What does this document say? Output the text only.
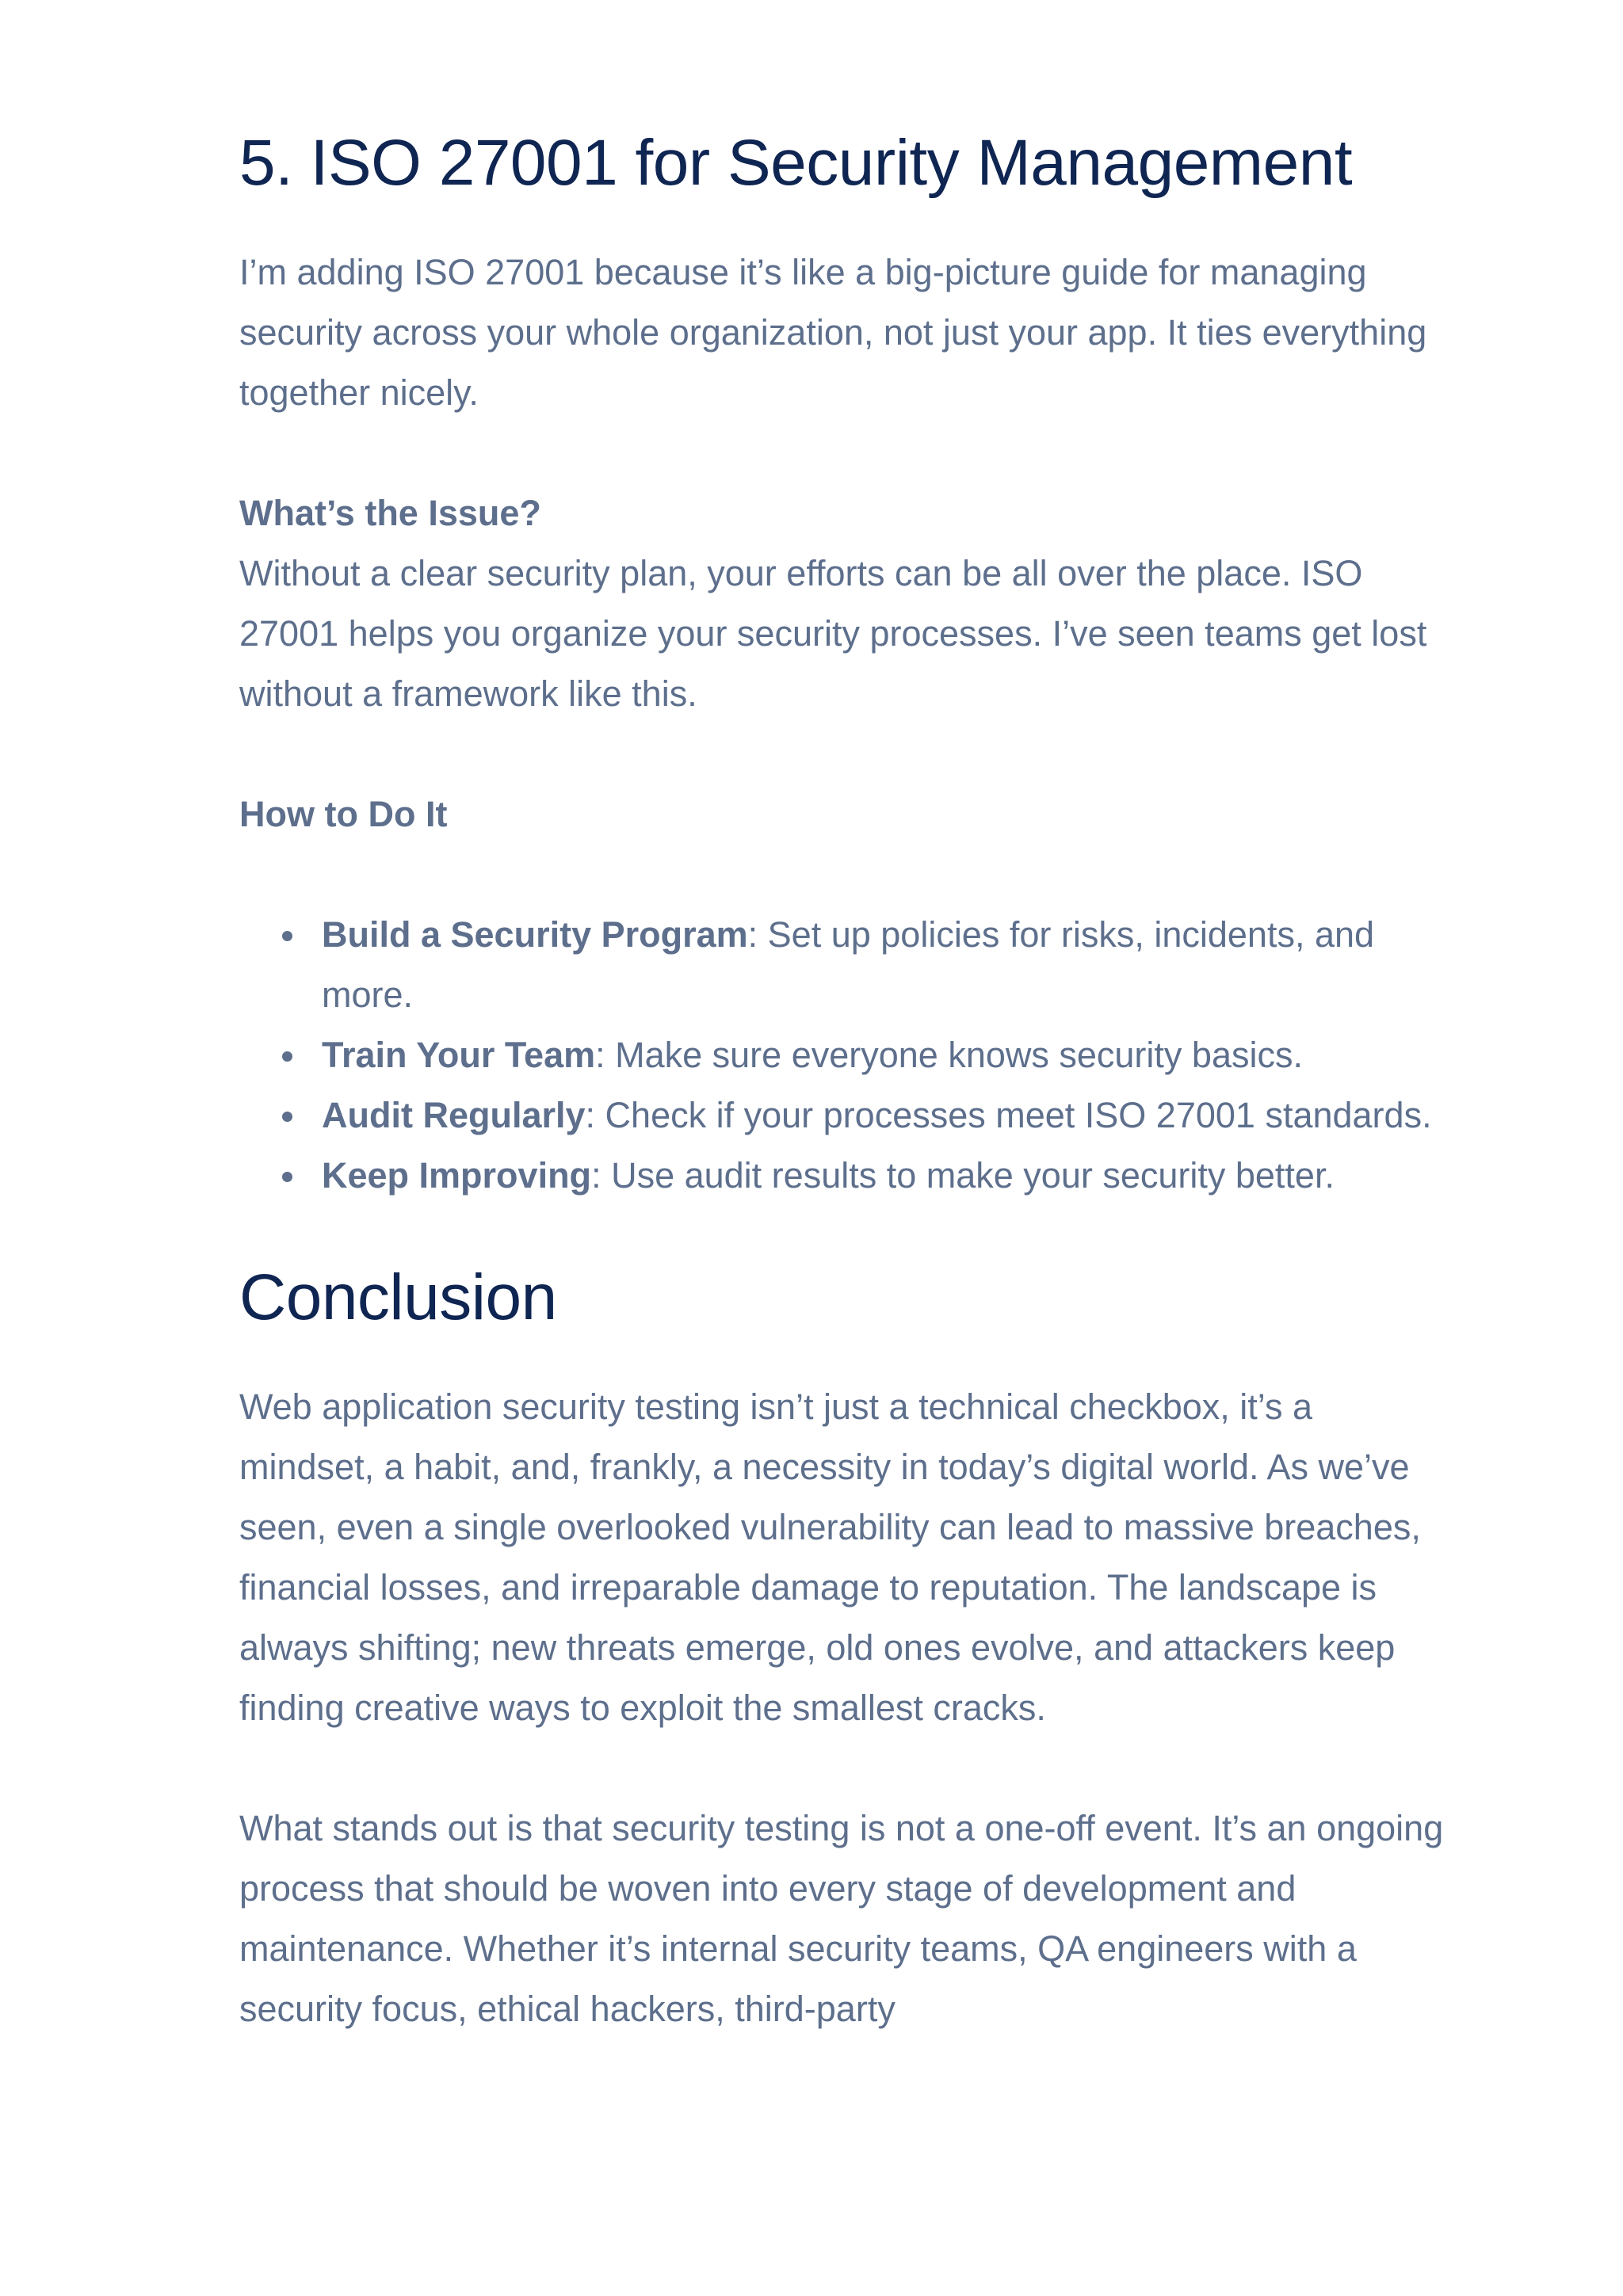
5. ISO 27001 for Security Management

I’m adding ISO 27001 because it’s like a big-picture guide for managing security across your whole organization, not just your app. It ties everything together nicely.

What’s the Issue?
Without a clear security plan, your efforts can be all over the place. ISO 27001 helps you organize your security processes. I’ve seen teams get lost without a framework like this.

How to Do It

Build a Security Program: Set up policies for risks, incidents, and more.
Train Your Team: Make sure everyone knows security basics.
Audit Regularly: Check if your processes meet ISO 27001 standards.
Keep Improving: Use audit results to make your security better.
Conclusion

Web application security testing isn’t just a technical checkbox, it’s a mindset, a habit, and, frankly, a necessity in today’s digital world. As we’ve seen, even a single overlooked vulnerability can lead to massive breaches, financial losses, and irreparable damage to reputation. The landscape is always shifting; new threats emerge, old ones evolve, and attackers keep finding creative ways to exploit the smallest cracks.

What stands out is that security testing is not a one-off event. It’s an ongoing process that should be woven into every stage of development and maintenance. Whether it’s internal security teams, QA engineers with a security focus, ethical hackers, third-party
